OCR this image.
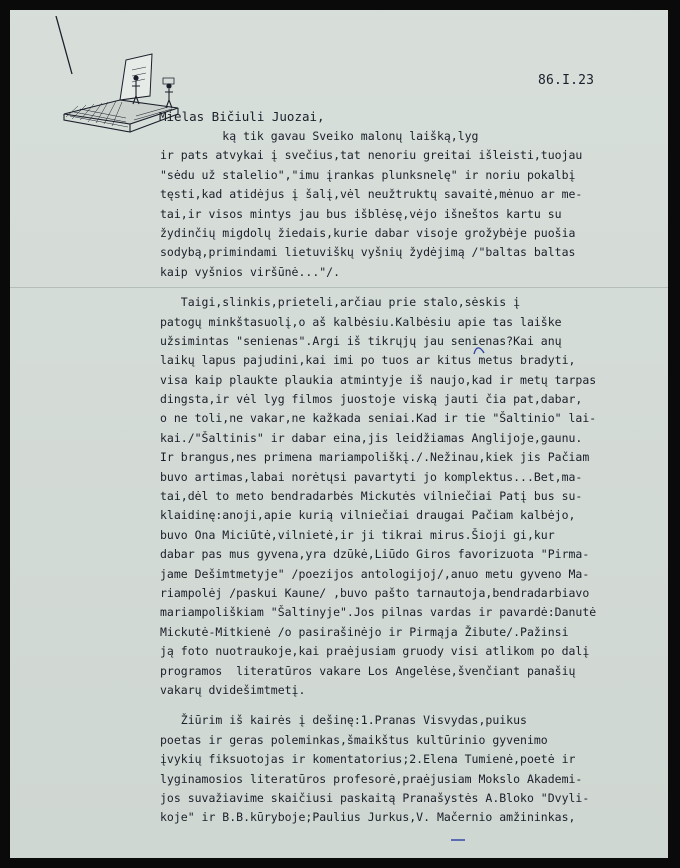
86.I.23
Mielas Bičiuli Juozai,
ką tik gavau Sveiko malonų laišką,lyg
ir pats atvykai į svečius,tat nenoriu greitai išleisti,tuojau
"sėdu už stalelio","imu įrankas plunksnelę" ir noriu pokalbį
tęsti,kad atidėjus į šalį,vėl neužtruktų savaitė,mėnuo ar me-
tai,ir visos mintys jau bus išblėsę,vėjo išneštos kartu su
žydinčių migdolų žiedais,kurie dabar visoje grožybėje puošia
sodybą,primindami lietuviškų vyšnių žydėjimą /"baltas baltas
kaip vyšnios viršūnė..."/.
Taigi,slinkis,prieteli,arčiau prie stalo,sėskis į
patogų minkštasuolį,o aš kalbėsiu.Kalbėsiu apie tas laiške
užsimintas "senienas".Argi iš tikrųjų jau senienas?Kai anų
laikų lapus pajudini,kai imi po tuos ar kitus metus bradyti,
visa kaip plaukte plaukia atmintyje iš naujo,kad ir metų tarpas
dingsta,ir vėl lyg filmos juostoje viską jauti čia pat,dabar,
o ne toli,ne vakar,ne kažkada seniai.Kad ir tie "Šaltinio" lai-
kai./"Šaltinis" ir dabar eina,jis leidžiamas Anglijoje,gaunu.
Ir brangus,nes primena mariampoliškį./.Nežinau,kiek jis Pačiam
buvo artimas,labai norėtųsi pavartyti jo komplektus...Bet,ma-
tai,dėl to meto bendradarbės Mickutės vilniečiai Patį bus su-
klaidinę:anoji,apie kurią vilniečiai draugai Pačiam kalbėjo,
buvo Ona Miciūtė,vilnietė,ir ji tikrai mirus.Šioji gi,kur
dabar pas mus gyvena,yra dzūkė,Liūdo Giros favorizuota "Pirma-
jame Dešimtmetyje" /poezijos antologijoj/,anuo metu gyveno Ma-
riampolėj /paskui Kaune/ ,buvo pašto tarnautoja,bendradarbiavo
mariampoliškiam "Šaltinyje".Jos pilnas vardas ir pavardė:Danutė
Mickutė-Mitkienė /o pasirašinėjo ir Pirmąja Žibute/.Pažinsi
ją foto nuotraukoje,kai praėjusiam gruody visi atlikom po dalį
programos  literatūros vakare Los Angelėse,švenčiant panašių
vakarų dvidešimtmetį.
Žiūrim iš kairės į dešinę:1.Pranas Visvydas,puikus
poetas ir geras poleminkas,šmaikštus kultūrinio gyvenimo
įvykių fiksuotojas ir komentatorius;2.Elena Tumienė,poetė ir
lyginamosios literatūros profesorė,praėjusiam Mokslo Akademi-
jos suvažiavime skaičiusi paskaitą Pranašystės A.Bloko "Dvyli-
koje" ir B.B.kūryboje;Paulius Jurkus,V. Mačernio amžininkas,
